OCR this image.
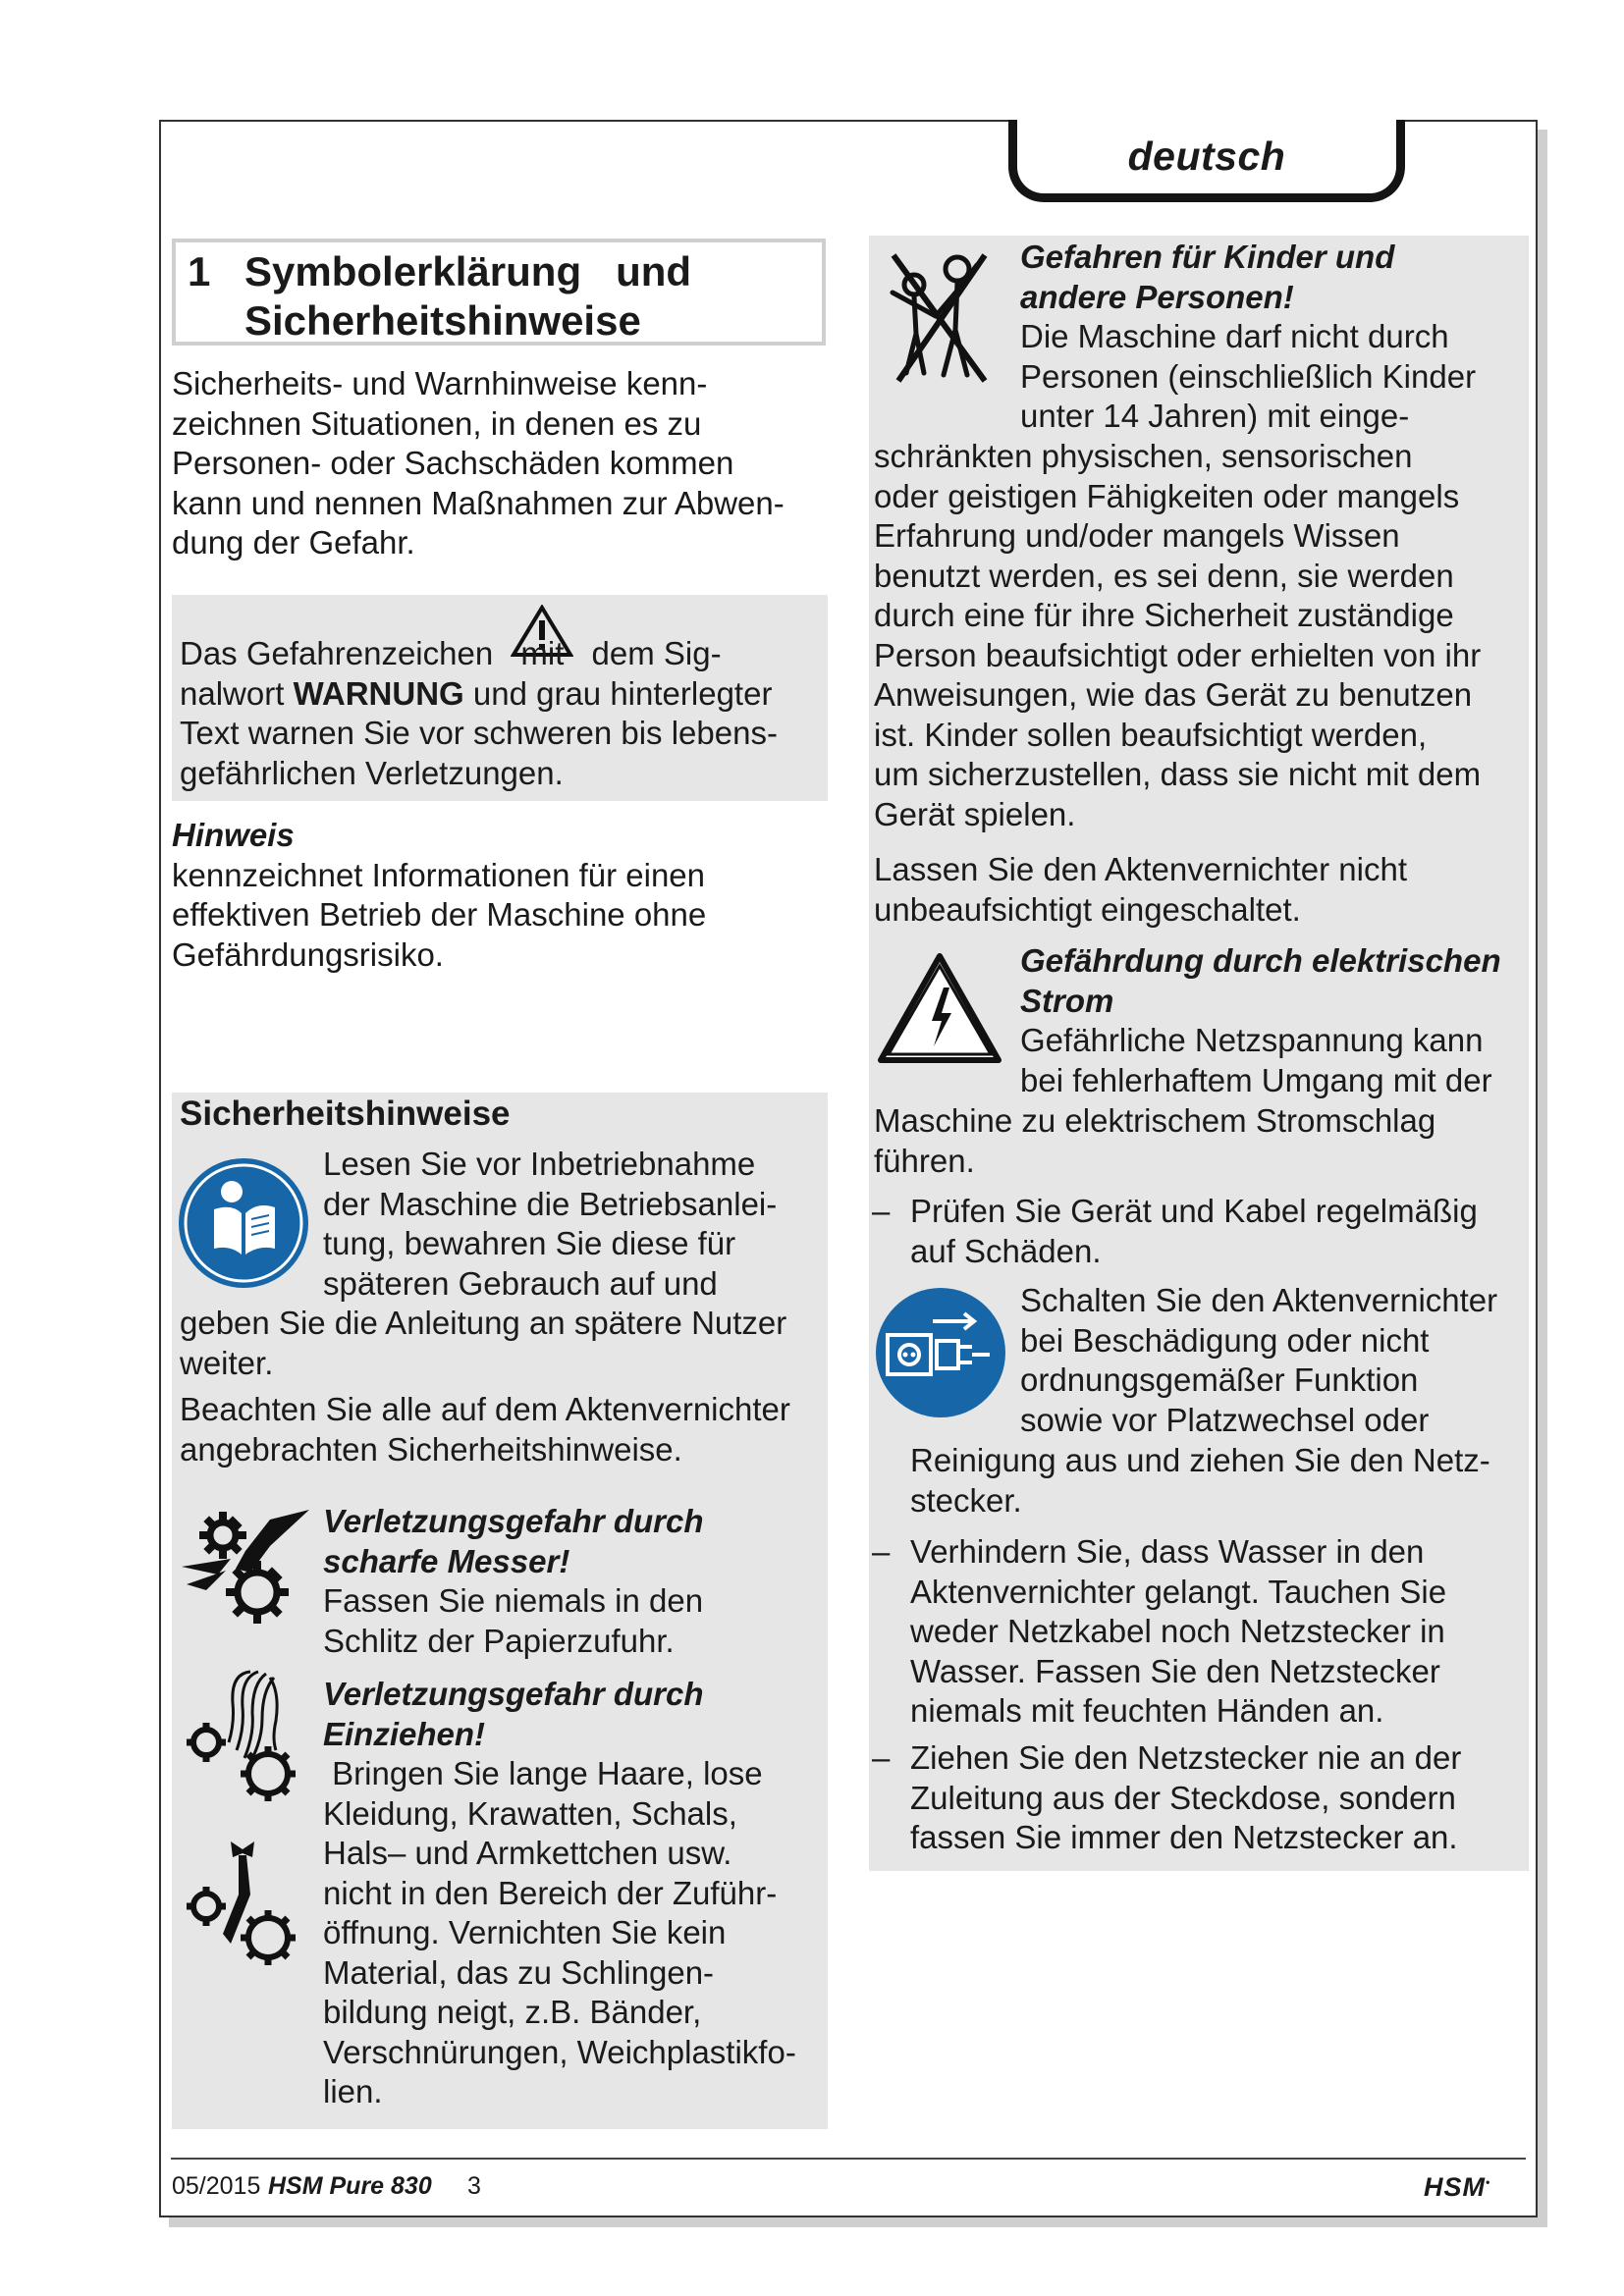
deutsch
1 Symbolerklärung   und
Sicherheitshinweise

Sicherheits- und Warnhinweise kenn-

zeichnen Situationen, in denen es zu

Personen- oder Sachschäden kommen

kann und nennen Maßnahmen zur Abwen-

dung der Gefahr.

Das Gefahrenzeichen mit dem Sig-

nalwort WARNUNG und grau hinterlegter

Text warnen Sie vor schweren bis lebens-

gefährlichen Verletzungen.

Hinweis

kennzeichnet Informationen für einen

effektiven Betrieb der Maschine ohne

Gefährdungsrisiko.

Sicherheitshinweise

Lesen Sie vor Inbetriebnahme

der Maschine die Betriebsanlei-

tung, bewahren Sie diese für

späteren Gebrauch auf und

geben Sie die Anleitung an spätere Nutzer

weiter.

Beachten Sie alle auf dem Aktenvernichter

angebrachten Sicherheitshinweise.

Verletzungsgefahr durch

scharfe Messer!

Fassen Sie niemals in den

Schlitz der Papierzufuhr.

Verletzungsgefahr durch

Einziehen!

Bringen Sie lange Haare, lose

Kleidung, Krawatten, Schals,

Hals– und Armkettchen usw.

nicht in den Bereich der Zuführ-

öffnung. Vernichten Sie kein

Material, das zu Schlingen-

bildung neigt, z.B. Bänder,

Verschnürungen, Weichplastikfo-

lien.

Gefahren für Kinder und

andere Personen!

Die Maschine darf nicht durch

Personen (einschließlich Kinder

unter 14 Jahren) mit einge-

schränkten physischen, sensorischen

oder geistigen Fähigkeiten oder mangels

Erfahrung und/oder mangels Wissen

benutzt werden, es sei denn, sie werden

durch eine für ihre Sicherheit zuständige

Person beaufsichtigt oder erhielten von ihr

Anweisungen, wie das Gerät zu benutzen

ist. Kinder sollen beaufsichtigt werden,

um sicherzustellen, dass sie nicht mit dem

Gerät spielen.

Lassen Sie den Aktenvernichter nicht

unbeaufsichtigt eingeschaltet.

Gefährdung durch elektrischen

Strom

Gefährliche Netzspannung kann

bei fehlerhaftem Umgang mit der

Maschine zu elektrischem Stromschlag

führen.

– Prüfen Sie Gerät und Kabel regelmäßig

auf Schäden.

Schalten Sie den Aktenvernichter

bei Beschädigung oder nicht

ordnungsgemäßer Funktion

sowie vor Platzwechsel oder

Reinigung aus und ziehen Sie den Netz-

stecker.

– Verhindern Sie, dass Wasser in den

Aktenvernichter gelangt. Tauchen Sie

weder Netzkabel noch Netzstecker in

Wasser. Fassen Sie den Netzstecker

niemals mit feuchten Händen an.

– Ziehen Sie den Netzstecker nie an der

Zuleitung aus der Steckdose, sondern

fassen Sie immer den Netzstecker an.

05/2015 HSM Pure 830 3	HSM•
